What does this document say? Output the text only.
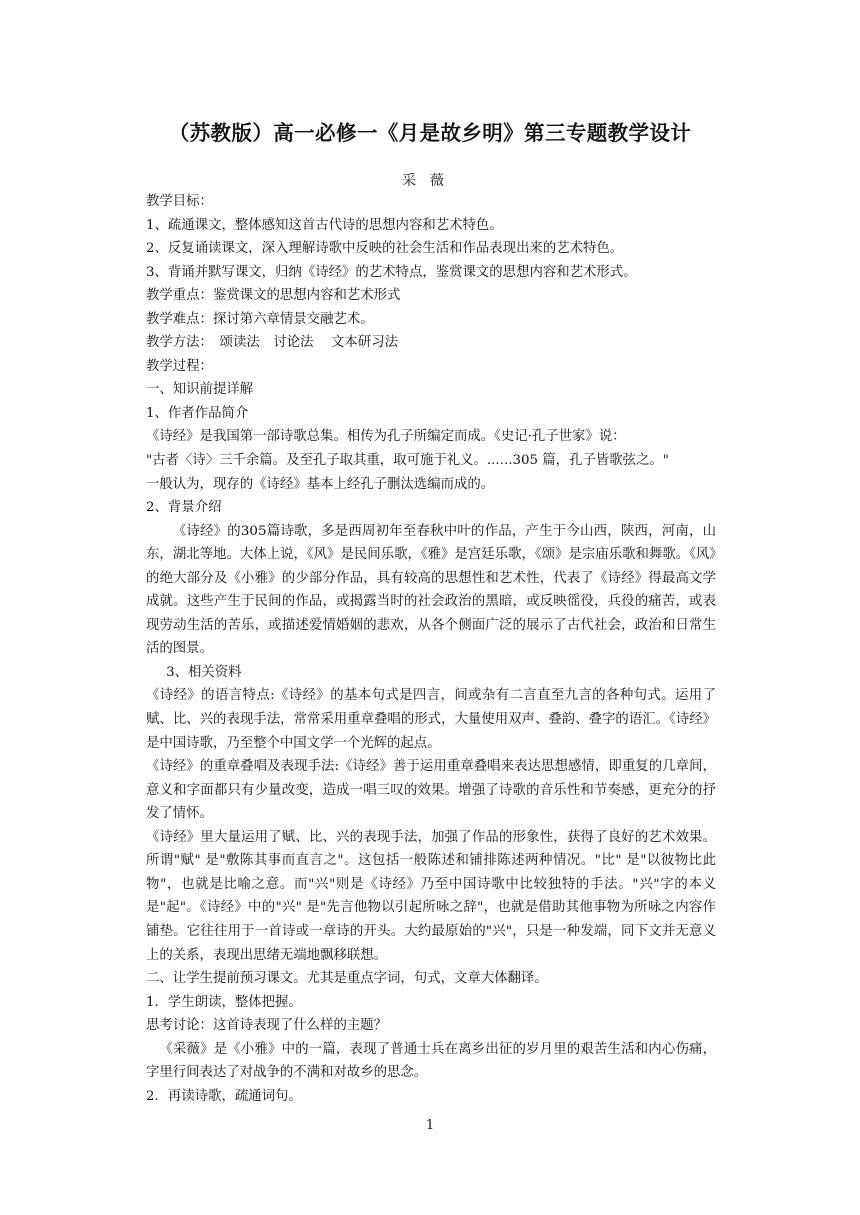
（苏教版）高一必修一《月是故乡明》第三专题教学设计
采薇
教学目标：
1、疏通课文，整体感知这首古代诗的思想内容和艺术特色。
2、反复诵读课文，深入理解诗歌中反映的社会生活和作品表现出来的艺术特色。
3、背诵并默写课文，归纳《诗经》的艺术特点，鉴赏课文的思想内容和艺术形式。
教学重点：鉴赏课文的思想内容和艺术形式
教学难点：探讨第六章情景交融艺术。
教学方法：　颂读法　讨论法　 文本研习法
教学过程：
一、知识前提详解
1、作者作品简介
《诗经》是我国第一部诗歌总集。相传为孔子所编定而成。《史记·孔子世家》说：
"古者〈诗〉三千余篇。及至孔子取其重，取可施于礼义。......305 篇，孔子皆歌弦之。"
一般认为，现存的《诗经》基本上经孔子删汰选编而成的。
2、背景介绍
《诗经》的305篇诗歌，多是西周初年至春秋中叶的作品，产生于今山西，陕西，河南，山东，湖北等地。大体上说，《风》是民间乐歌，《雅》是宫廷乐歌，《颂》是宗庙乐歌和舞歌。《风》的绝大部分及《小雅》的少部分作品，具有较高的思想性和艺术性，代表了《诗经》得最高文学成就。这些产生于民间的作品，或揭露当时的社会政治的黑暗，或反映徭役，兵役的痛苦，或表现劳动生活的苦乐，或描述爱情婚姻的悲欢，从各个侧面广泛的展示了古代社会，政治和日常生活的图景。
3、相关资料
《诗经》的语言特点:《诗经》的基本句式是四言，间或杂有二言直至九言的各种句式。运用了赋、比、兴的表现手法，常常采用重章叠唱的形式，大量使用双声、叠韵、叠字的语汇。《诗经》是中国诗歌，乃至整个中国文学一个光辉的起点。
《诗经》的重章叠唱及表现手法:《诗经》善于运用重章叠唱来表达思想感情，即重复的几章间，意义和字面都只有少量改变，造成一唱三叹的效果。增强了诗歌的音乐性和节奏感，更充分的抒发了情怀。
《诗经》里大量运用了赋、比、兴的表现手法，加强了作品的形象性，获得了良好的艺术效果。所谓"赋" 是"敷陈其事而直言之"。这包括一般陈述和铺排陈述两种情况。"比" 是"以彼物比此物"，也就是比喻之意。而"兴"则是《诗经》乃至中国诗歌中比较独特的手法。"兴"字的本义是"起"。《诗经》中的"兴" 是"先言他物以引起所咏之辞"，也就是借助其他事物为所咏之内容作铺垫。它往往用于一首诗或一章诗的开头。大约最原始的"兴"，只是一种发端，同下文并无意义上的关系，表现出思绪无端地飘移联想。
二、让学生提前预习课文。尤其是重点字词，句式，文章大体翻译。
1．学生朗读，整体把握。
思考讨论：这首诗表现了什么样的主题？
《采薇》是《小雅》中的一篇，表现了普通士兵在离乡出征的岁月里的艰苦生活和内心伤痛，字里行间表达了对战争的不满和对故乡的思念。
2．再读诗歌，疏通词句。
1
